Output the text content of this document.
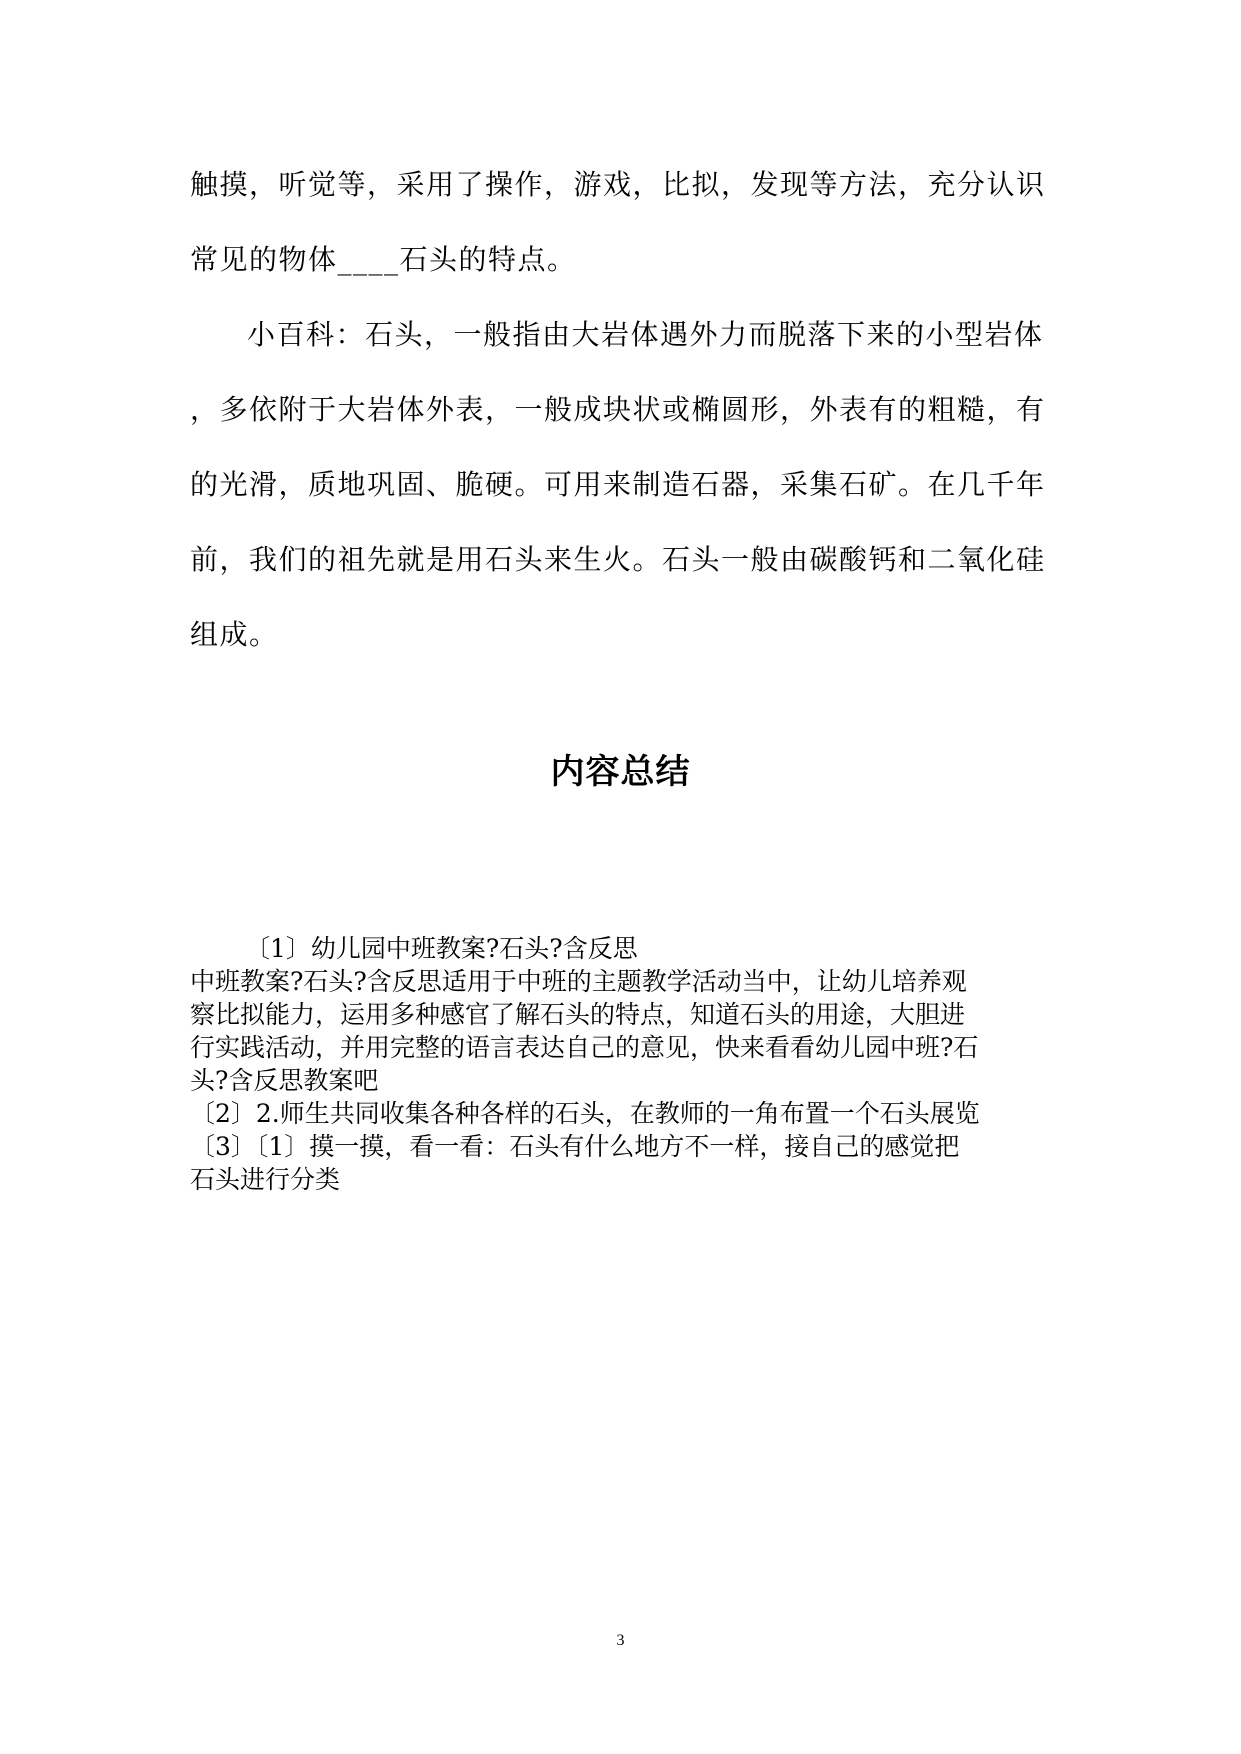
触摸，听觉等，采用了操作，游戏，比拟，发现等方法，充分认识

常见的物体____石头的特点。

小百科：石头，一般指由大岩体遇外力而脱落下来的小型岩体

，多依附于大岩体外表，一般成块状或椭圆形，外表有的粗糙，有

的光滑，质地巩固、脆硬。可用来制造石器，采集石矿。在几千年

前，我们的祖先就是用石头来生火。石头一般由碳酸钙和二氧化硅

组成。

内容总结

〔1〕幼儿园中班教案?石头?含反思

中班教案?石头?含反思适用于中班的主题教学活动当中，让幼儿培养观

察比拟能力，运用多种感官了解石头的特点，知道石头的用途，大胆进

行实践活动，并用完整的语言表达自己的意见，快来看看幼儿园中班?石

头?含反思教案吧

〔2〕2.师生共同收集各种各样的石头，在教师的一角布置一个石头展览

〔3〕〔1〕摸一摸，看一看：石头有什么地方不一样，接自己的感觉把

石头进行分类

3
